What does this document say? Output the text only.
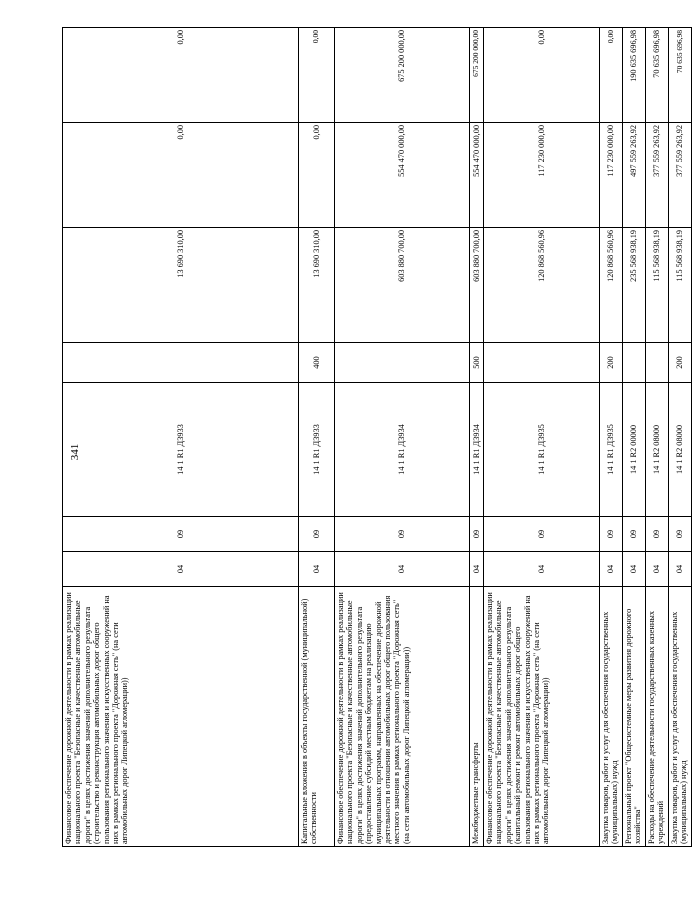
341
Финансовое обеспечение дорожной деятельности в рамках реализации национального проекта "Безопасные и качественные автомобильные дороги" в целях достижения значений дополнительного результата (строительство и реконструкция автомобильных дорог общего пользования регионального значения и искусственных сооружений на них в рамках регионального проекта "Дорожная сеть" (на сети автомобильных дорог Липецкой агломерации))	04	09	14 1 R1 Д3933		13 690 310,00	0,00	0,00
Капитальные вложения в объекты государственной (муниципальной) собственности	04	09	14 1 R1 Д3933	400	13 690 310,00	0,00	0,00
Финансовое обеспечение дорожной деятельности в рамках реализации национального проекта "Безопасные и качественные автомобильные дороги" в целях достижения значений дополнительного результата (предоставление субсидий местным бюджетам на реализацию муниципальных программ, направленных на обеспечение дорожной деятельности в отношении автомобильных дорог общего пользования местного значения в рамках регионального проекта "Дорожная сеть" (на сети автомобильных дорог Липецкой агломерации))	04	09	14 1 R1 Д3934		603 880 700,00	554 470 000,00	675 200 000,00
Межбюджетные трансферты	04	09	14 1 R1 Д3934	500	603 880 700,00	554 470 000,00	675 200 000,00
Финансовое обеспечение дорожной деятельности в рамках реализации национального проекта "Безопасные и качественные автомобильные дороги" в целях достижения значений дополнительного результата (капитальный ремонт и ремонт автомобильных дорог общего пользования регионального значения и искусственных сооружений на них в рамках регионального проекта "Дорожная сеть" (на сети автомобильных дорог Липецкой агломерации))	04	09	14 1 R1 Д3935		120 868 560,96	117 230 000,00	0,00
Закупка товаров, работ и услуг для обеспечения государственных (муниципальных) нужд	04	09	14 1 R1 Д3935	200	120 868 560,96	117 230 000,00	0,00
Региональный проект "Общесистемные меры развития дорожного хозяйства"	04	09	14 1 R2 00000		235 568 938,19	497 559 263,92	190 635 696,98
Расходы на обеспечение деятельности государственных казенных учреждений	04	09	14 1 R2 08000		115 568 938,19	377 559 263,92	70 635 696,98
Закупка товаров, работ и услуг для обеспечения государственных (муниципальных) нужд	04	09	14 1 R2 08000	200	115 568 938,19	377 559 263,92	70 635 696,98
